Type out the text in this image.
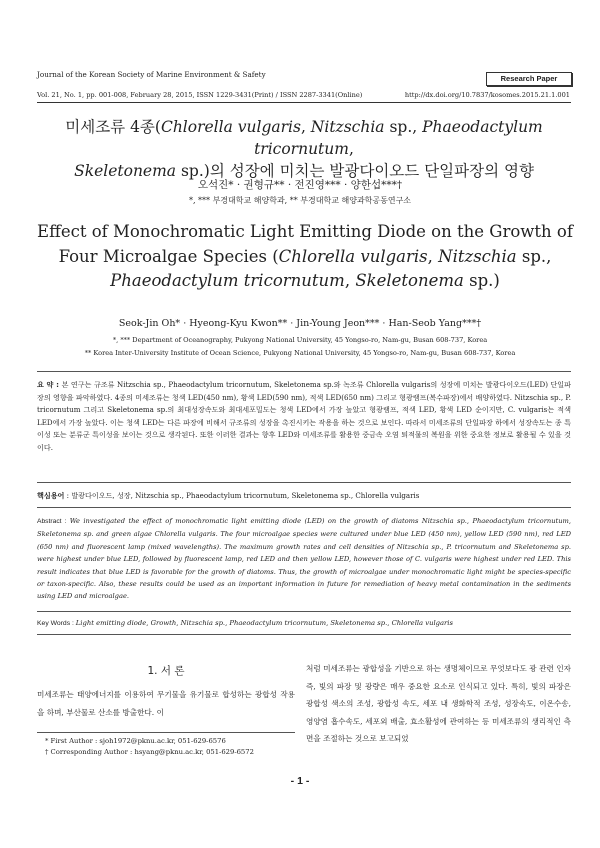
Journal of the Korean Society of Marine Environment & Safety	Research Paper
Vol. 21, No. 1, pp. 001-008, February 28, 2015, ISSN 1229-3431(Print) / ISSN 2287-3341(Online)	http://dx.doi.org/10.7837/kosomes.2015.21.1.001
미세조류 4종(Chlorella vulgaris, Nitzschia sp., Phaeodactylum tricornutum,
Skeletonema sp.)의 성장에 미치는 발광다이오드 단일파장의 영향
오석진* · 권형규** · 전진영*** · 양한섭***†
*, *** 부경대학교 해양학과, ** 부경대학교 해양과학공동연구소
Effect of Monochromatic Light Emitting Diode on the Growth of Four Microalgae Species (Chlorella vulgaris, Nitzschia sp., Phaeodactylum tricornutum, Skeletonema sp.)
Seok-Jin Oh* · Hyeong-Kyu Kwon** · Jin-Young Jeon*** · Han-Seob Yang***†
*, *** Department of Oceanography, Pukyong National University, 45 Yongso-ro, Nam-gu, Busan 608-737, Korea
** Korea Inter-University Institute of Ocean Science, Pukyong National University, 45 Yongso-ro, Nam-gu, Busan 608-737, Korea
요 약 : 본 연구는 규조류 Nitzschia sp., Phaeodactylum tricornutum, Skeletonema sp.와 녹조류 Chlorella vulgaris의 성장에 미치는 발광다이오드(LED) 단일파장의 영향을 파악하였다. 4종의 미세조류는 청색 LED(450 nm), 황색 LED(590 nm), 적색 LED(650 nm) 그리고 형광램프(복수파장)에서 배양하였다. Nitzschia sp., P. tricornutum 그리고 Skeletonema sp.의 최대성장속도와 최대세포밀도는 청색 LED에서 가장 높았고 형광램프, 적색 LED, 황색 LED 순이지만, C. vulgaris는 적색 LED에서 가장 높았다. 이는 청색 LED는 다른 파장에 비해서 규조류의 성장을 촉진시키는 작용을 하는 것으로 보인다. 따라서 미세조류의 단일파장 하에서 성장속도는 종 특이성 또는 분류군 특이성을 보이는 것으로 생각된다. 또한 이러한 결과는 향후 LED와 미세조류를 활용한 중금속 오염 퇴적물의 복원을 위한 중요한 정보로 활용될 수 있을 것이다.
핵심용어 : 발광다이오드, 성장, Nitzschia sp., Phaeodactylum tricornutum, Skeletonema sp., Chlorella vulgaris
Abstract : We investigated the effect of monochromatic light emitting diode (LED) on the growth of diatoms Nitzschia sp., Phaeodactylum tricornutum, Skeletonema sp. and green algae Chlorella vulgaris. The four microalgae species were cultured under blue LED (450 nm), yellow LED (590 nm), red LED (650 nm) and fluorescent lamp (mixed wavelengths). The maximum growth rates and cell densities of Nitzschia sp., P. tricornutum and Skeletonema sp. were highest under blue LED, followed by fluorescent lamp, red LED and then yellow LED, however those of C. vulgaris were highest under red LED. This result indicates that blue LED is favorable for the growth of diatoms. Thus, the growth of microalgae under monochromatic light might be species-specific or taxon-specific. Also, these results could be used as an important information in future for remediation of heavy metal contamination in the sediments using LED and microalgae.
Key Words : Light emitting diode, Growth, Nitzschia sp., Phaeodactylum tricornutum, Skeletonema sp., Chlorella vulgaris
1. 서 론
미세조류는 태양에너지를 이용하여 무기물을 유기물로 합성하는 광합성 작용을 하며, 부산물로 산소를 방출한다. 이
처럼 미세조류는 광합성을 기반으로 하는 생명체이므로 무엇보다도 광 관련 인자 즉, 빛의 파장 및 광량은 매우 중요한 요소로 인식되고 있다. 특히, 빛의 파장은 광합성 색소의 조성, 광합성 속도, 세포 내 생화학적 조성, 성장속도, 이온수송, 영양염 흡수속도, 세포외 배출, 효소활성에 관여하는 등 미세조류의 생리적인 측면을 조절하는 것으로 보고되었
* First Author : sjoh1972@pknu.ac.kr, 051-629-6576
† Corresponding Author : hsyang@pknu.ac.kr, 051-629-6572
- 1 -
